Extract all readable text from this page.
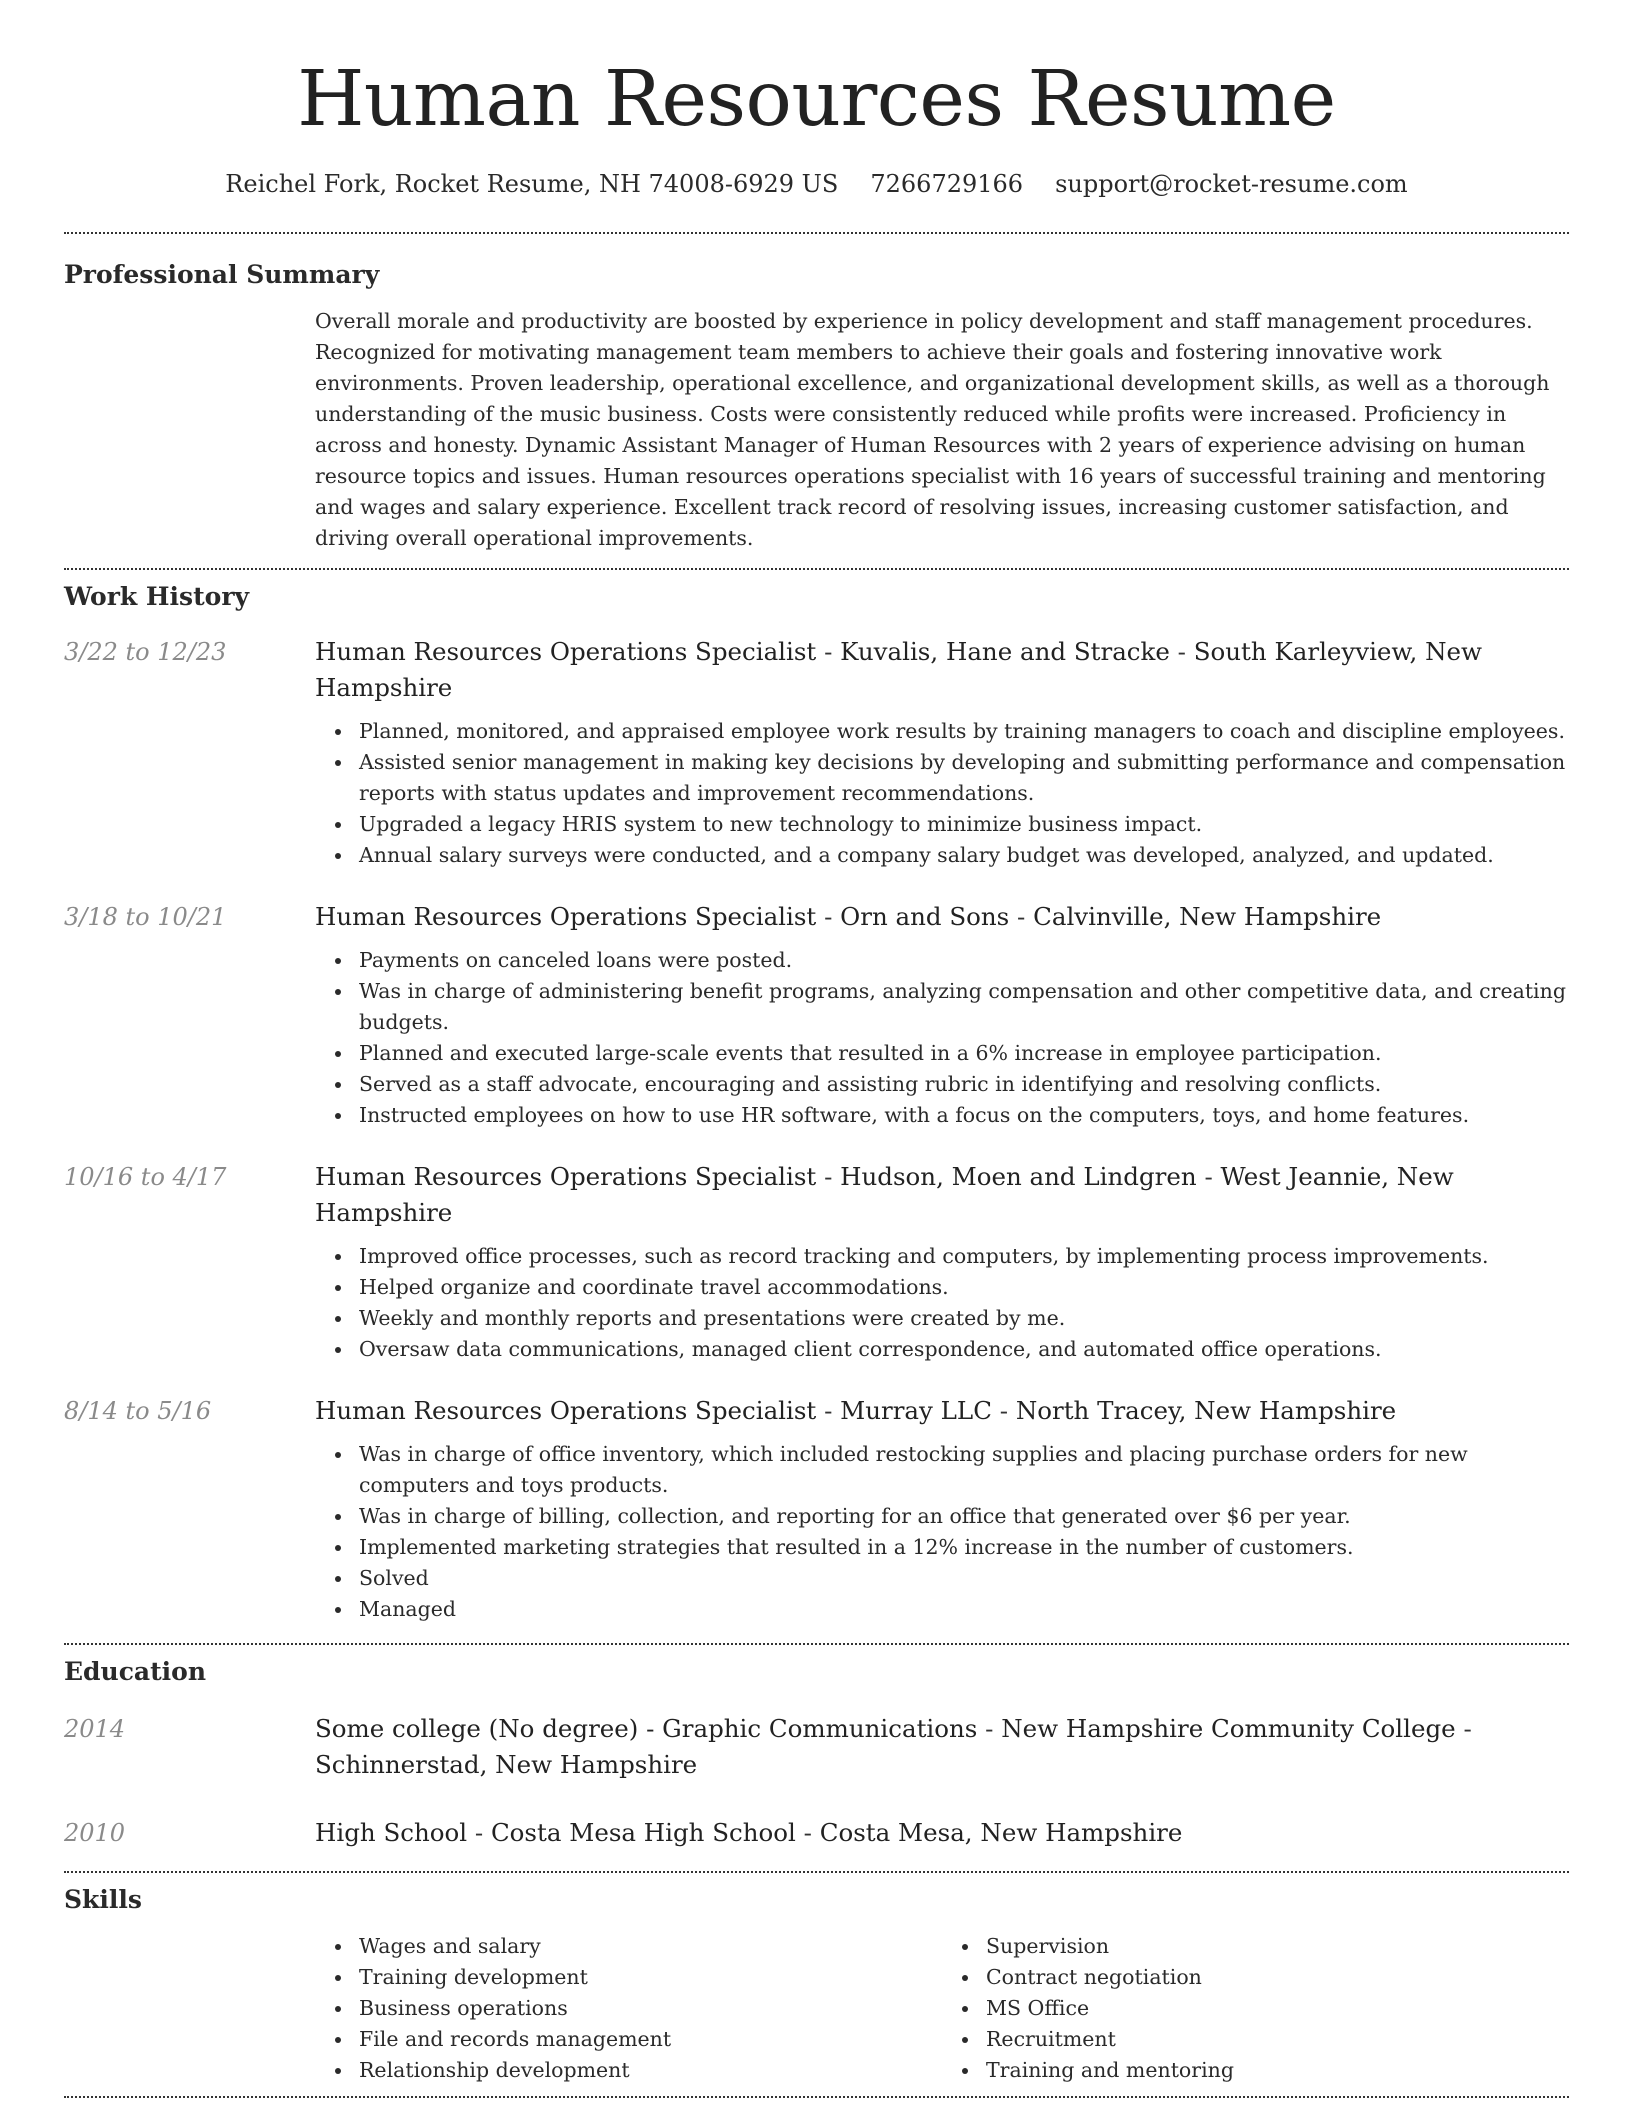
Human Resources Resume
Reichel Fork, Rocket Resume, NH 74008-6929 US 7266729166 support@rocket-resume.com
Professional Summary

Overall morale and productivity are boosted by experience in policy development and staff management procedures. Recognized for motivating management team members to achieve their goals and fostering innovative work environments. Proven leadership, operational excellence, and organizational development skills, as well as a thorough understanding of the music business. Costs were consistently reduced while profits were increased. Proficiency in across and honesty. Dynamic Assistant Manager of Human Resources with 2 years of experience advising on human resource topics and issues. Human resources operations specialist with 16 years of successful training and mentoring and wages and salary experience. Excellent track record of resolving issues, increasing customer satisfaction, and driving overall operational improvements.

Work History
3/22 to 12/23	Human Resources Operations Specialist - Kuvalis, Hane and Stracke - South Karleyview, New Hampshire
Planned, monitored, and appraised employee work results by training managers to coach and discipline employees.
Assisted senior management in making key decisions by developing and submitting performance and compensation reports with status updates and improvement recommendations.
Upgraded a legacy HRIS system to new technology to minimize business impact.
Annual salary surveys were conducted, and a company salary budget was developed, analyzed, and updated.
3/18 to 10/21	Human Resources Operations Specialist - Orn and Sons - Calvinville, New Hampshire
Payments on canceled loans were posted.
Was in charge of administering benefit programs, analyzing compensation and other competitive data, and creating budgets.
Planned and executed large-scale events that resulted in a 6% increase in employee participation.
Served as a staff advocate, encouraging and assisting rubric in identifying and resolving conflicts.
Instructed employees on how to use HR software, with a focus on the computers, toys, and home features.
10/16 to 4/17	Human Resources Operations Specialist - Hudson, Moen and Lindgren - West Jeannie, New Hampshire
Improved office processes, such as record tracking and computers, by implementing process improvements.
Helped organize and coordinate travel accommodations.
Weekly and monthly reports and presentations were created by me.
Oversaw data communications, managed client correspondence, and automated office operations.
8/14 to 5/16	Human Resources Operations Specialist - Murray LLC - North Tracey, New Hampshire
Was in charge of office inventory, which included restocking supplies and placing purchase orders for new computers and toys products.
Was in charge of billing, collection, and reporting for an office that generated over $6 per year.
Implemented marketing strategies that resulted in a 12% increase in the number of customers.
Solved
Managed
Education
2014	Some college (No degree) - Graphic Communications - New Hampshire Community College - Schinnerstad, New Hampshire
2010	High School - Costa Mesa High School - Costa Mesa, New Hampshire
Skills
Wages and salary
Training development
Business operations
File and records management
Relationship development
Supervision
Contract negotiation
MS Office
Recruitment
Training and mentoring
